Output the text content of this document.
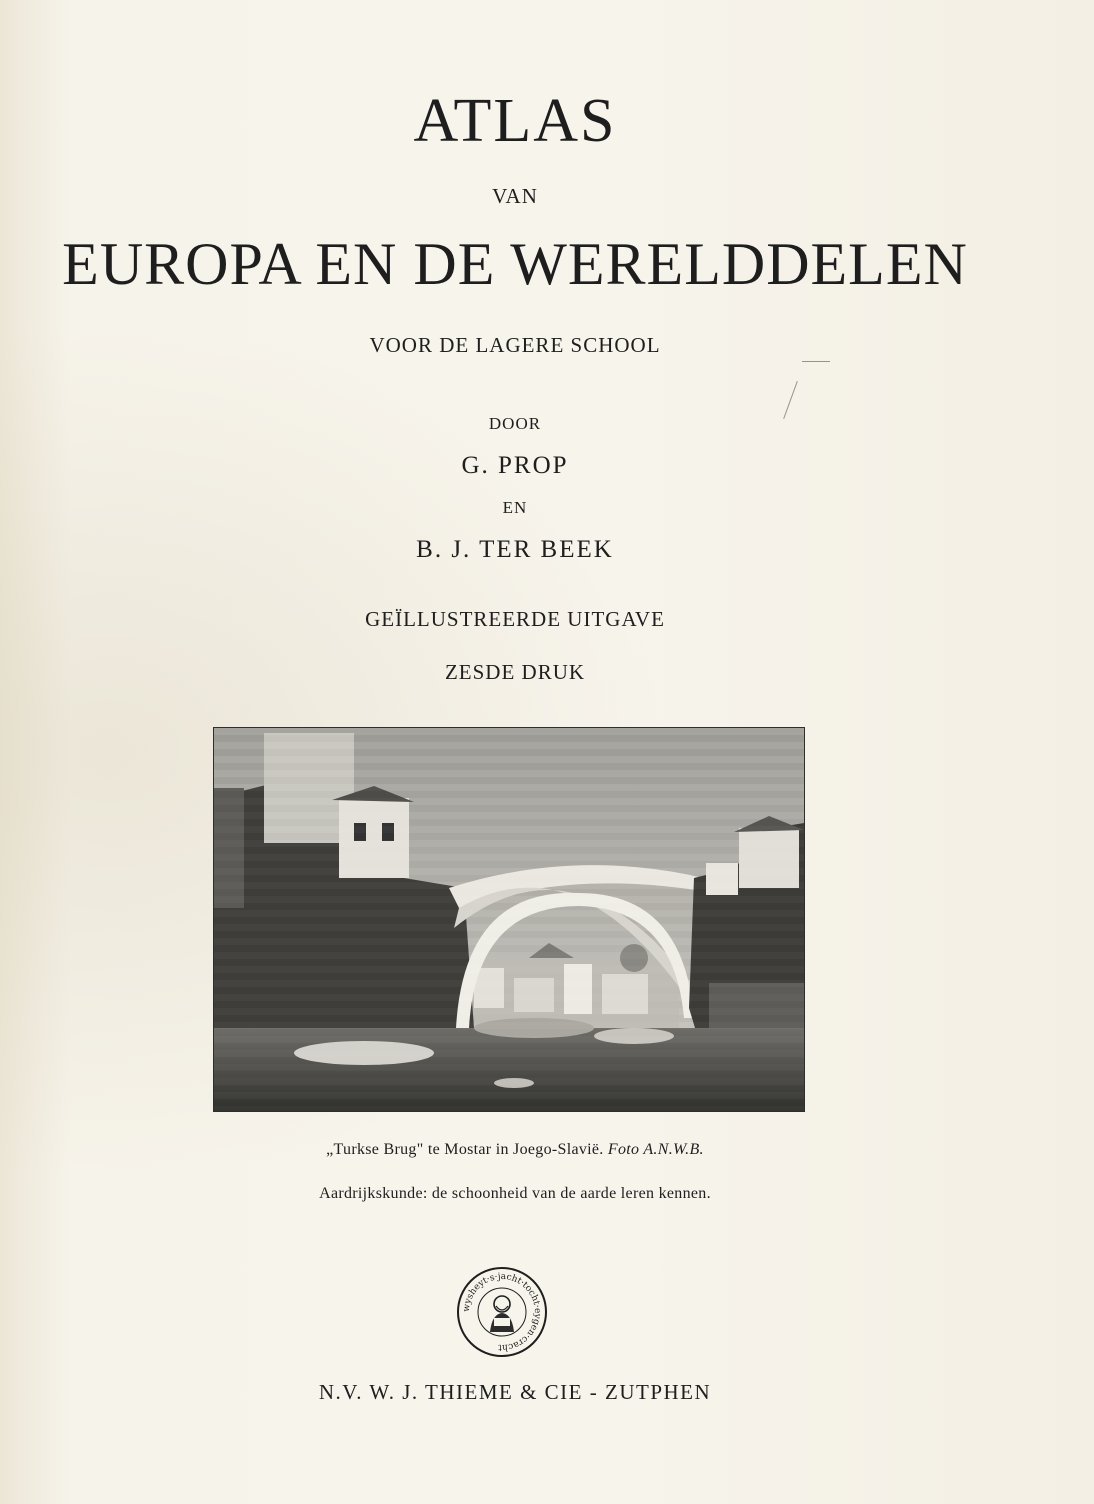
ATLAS
VAN
EUROPA EN DE WERELDDELEN
VOOR DE LAGERE SCHOOL
DOOR
G. PROP
EN
B. J. TER BEEK
GEÏLLUSTREERDE UITGAVE
ZESDE DRUK
„Turkse Brug" te Mostar in Joego-Slavië. Foto A.N.W.B.
Aardrijkskunde: de schoonheid van de aarde leren kennen.
wysheyt·s·jacht·tocht·eygen·cracht
N.V. W. J. THIEME & CIE - ZUTPHEN
